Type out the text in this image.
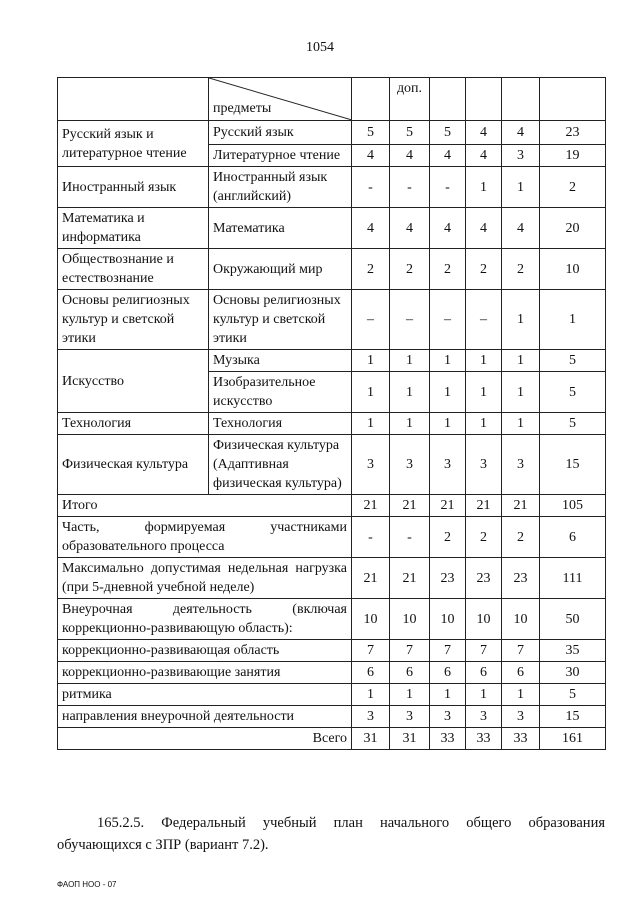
1054

	предметы		доп.				
Русский язык и литературное чтение	Русский язык	5	5	5	4	4	23
	Литературное чтение	4	4	4	4	3	19
Иностранный язык	Иностранный язык (английский)	-	-	-	1	1	2
Математика и информатика	Математика	4	4	4	4	4	20
Обществознание и естествознание	Окружающий мир	2	2	2	2	2	10
Основы религиозных культур и светской этики	Основы религиозных культур и светской этики	–	–	–	–	1	1
Искусство	Музыка	1	1	1	1	1	5
	Изобразительное искусство	1	1	1	1	1	5
Технология	Технология	1	1	1	1	1	5
Физическая культура	Физическая культура (Адаптивная физическая культура)	3	3	3	3	3	15
Итого		21	21	21	21	21	105
Часть, формируемая участниками образовательного процесса		-	-	2	2	2	6
Максимально допустимая недельная нагрузка (при 5-дневной учебной неделе)		21	21	23	23	23	111
Внеурочная деятельность (включая коррекционно-развивающую область):		10	10	10	10	10	50
коррекционно-развивающая область		7	7	7	7	7	35
коррекционно-развивающие занятия		6	6	6	6	6	30
ритмика		1	1	1	1	1	5
направления внеурочной деятельности		3	3	3	3	3	15
Всего		31	31	33	33	33	161
165.2.5. Федеральный учебный план начального общего образования обучающихся с ЗПР (вариант 7.2).
ФАОП НОО - 07
